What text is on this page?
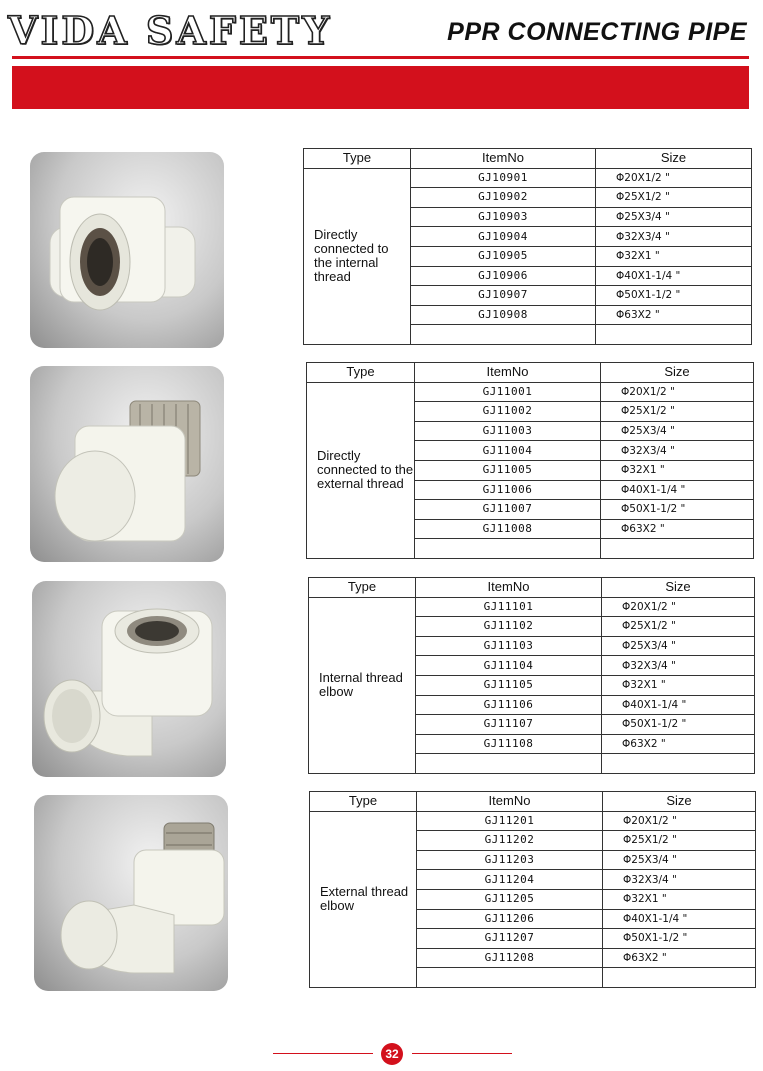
VIDA SAFETY	PPR CONNECTING PIPE
Type	ItemNo	Size
Directly connected to the internal thread	GJ10901	Φ20X1/2 "
	GJ10902	Φ25X1/2 "
	GJ10903	Φ25X3/4 "
	GJ10904	Φ32X3/4 "
	GJ10905	Φ32X1 "
	GJ10906	Φ40X1-1/4 "
	GJ10907	Φ50X1-1/2 "
	GJ10908	Φ63X2 "

Type	ItemNo	Size
Directly connected to the external thread	GJ11001	Φ20X1/2 "
	GJ11002	Φ25X1/2 "
	GJ11003	Φ25X3/4 "
	GJ11004	Φ32X3/4 "
	GJ11005	Φ32X1 "
	GJ11006	Φ40X1-1/4 "
	GJ11007	Φ50X1-1/2 "
	GJ11008	Φ63X2 "

Type	ItemNo	Size
Internal thread elbow	GJ11101	Φ20X1/2 "
	GJ11102	Φ25X1/2 "
	GJ11103	Φ25X3/4 "
	GJ11104	Φ32X3/4 "
	GJ11105	Φ32X1 "
	GJ11106	Φ40X1-1/4 "
	GJ11107	Φ50X1-1/2 "
	GJ11108	Φ63X2 "

Type	ItemNo	Size
External thread elbow	GJ11201	Φ20X1/2 "
	GJ11202	Φ25X1/2 "
	GJ11203	Φ25X3/4 "
	GJ11204	Φ32X3/4 "
	GJ11205	Φ32X1 "
	GJ11206	Φ40X1-1/4 "
	GJ11207	Φ50X1-1/2 "
	GJ11208	Φ63X2 "

32
